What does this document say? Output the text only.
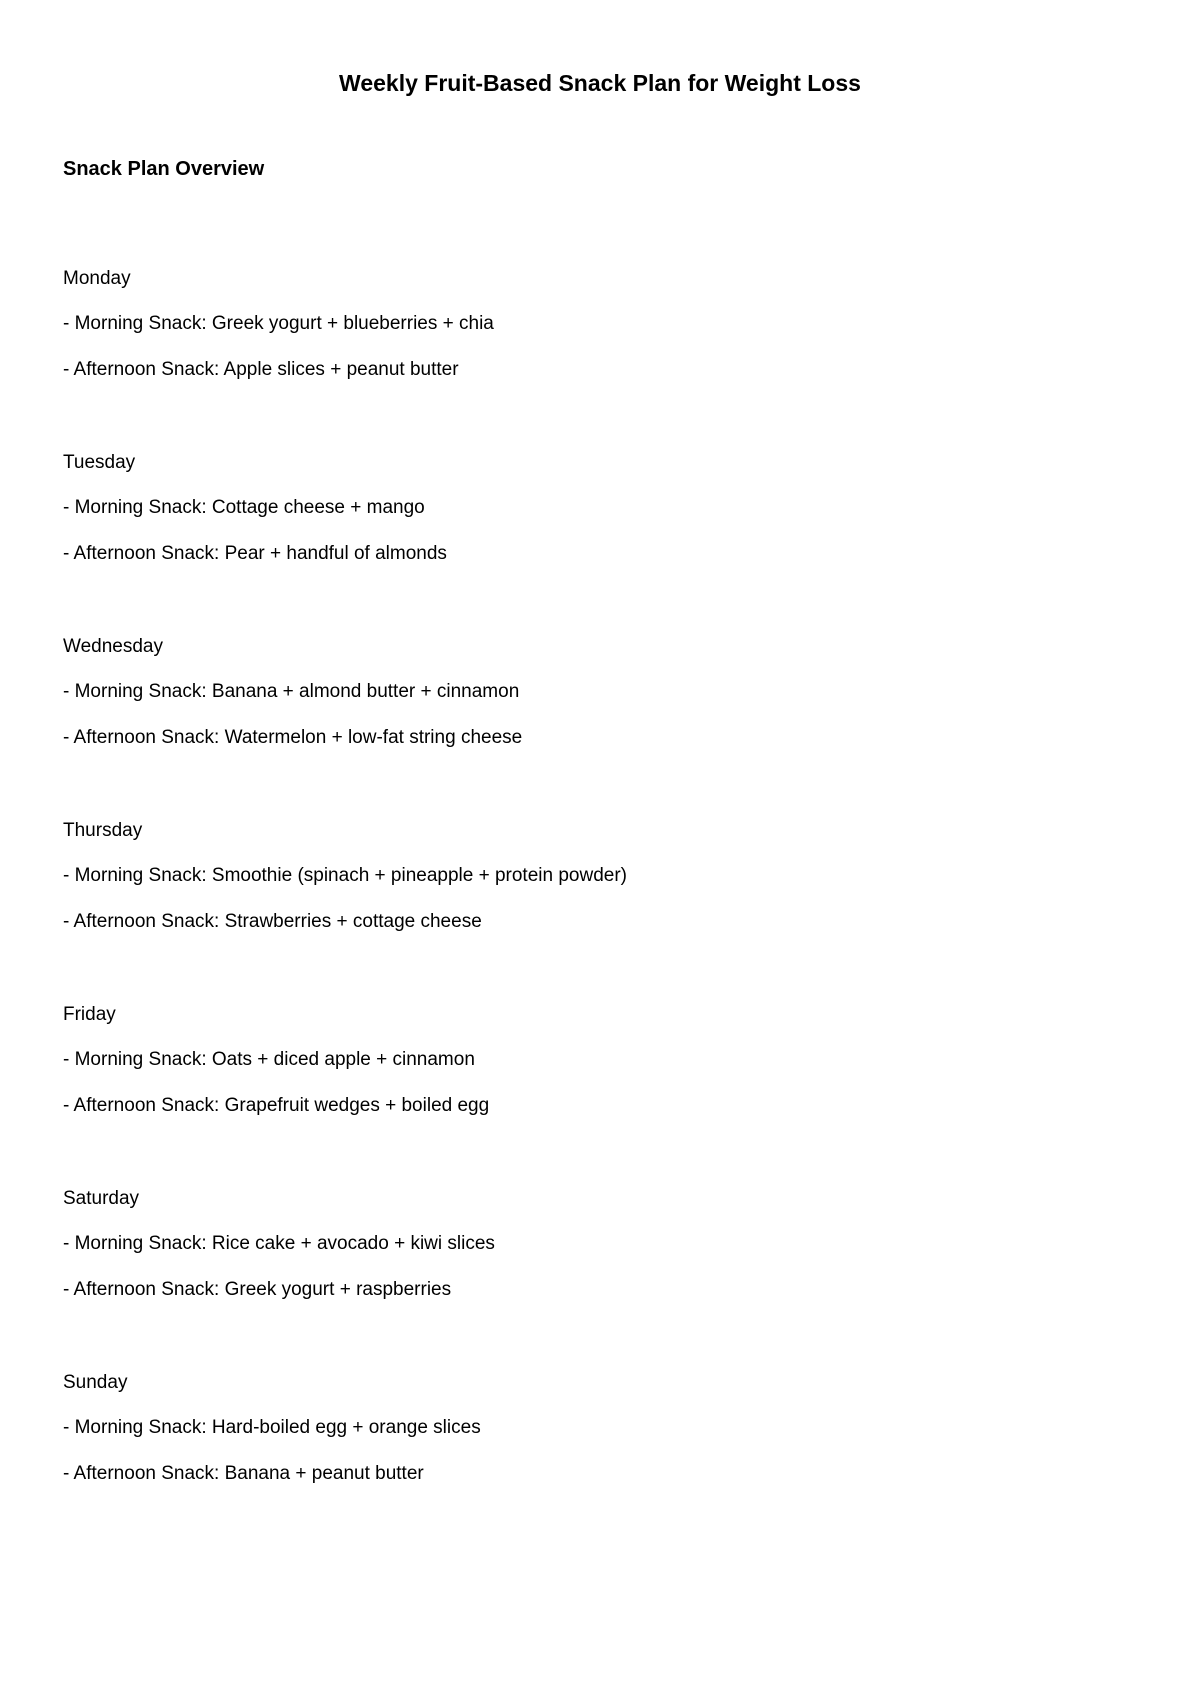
Weekly Fruit-Based Snack Plan for Weight Loss
Snack Plan Overview
Monday
- Morning Snack: Greek yogurt + blueberries + chia
- Afternoon Snack: Apple slices + peanut butter
Tuesday
- Morning Snack: Cottage cheese + mango
- Afternoon Snack: Pear + handful of almonds
Wednesday
- Morning Snack: Banana + almond butter + cinnamon
- Afternoon Snack: Watermelon + low-fat string cheese
Thursday
- Morning Snack: Smoothie (spinach + pineapple + protein powder)
- Afternoon Snack: Strawberries + cottage cheese
Friday
- Morning Snack: Oats + diced apple + cinnamon
- Afternoon Snack: Grapefruit wedges + boiled egg
Saturday
- Morning Snack: Rice cake + avocado + kiwi slices
- Afternoon Snack: Greek yogurt + raspberries
Sunday
- Morning Snack: Hard-boiled egg + orange slices
- Afternoon Snack: Banana + peanut butter
